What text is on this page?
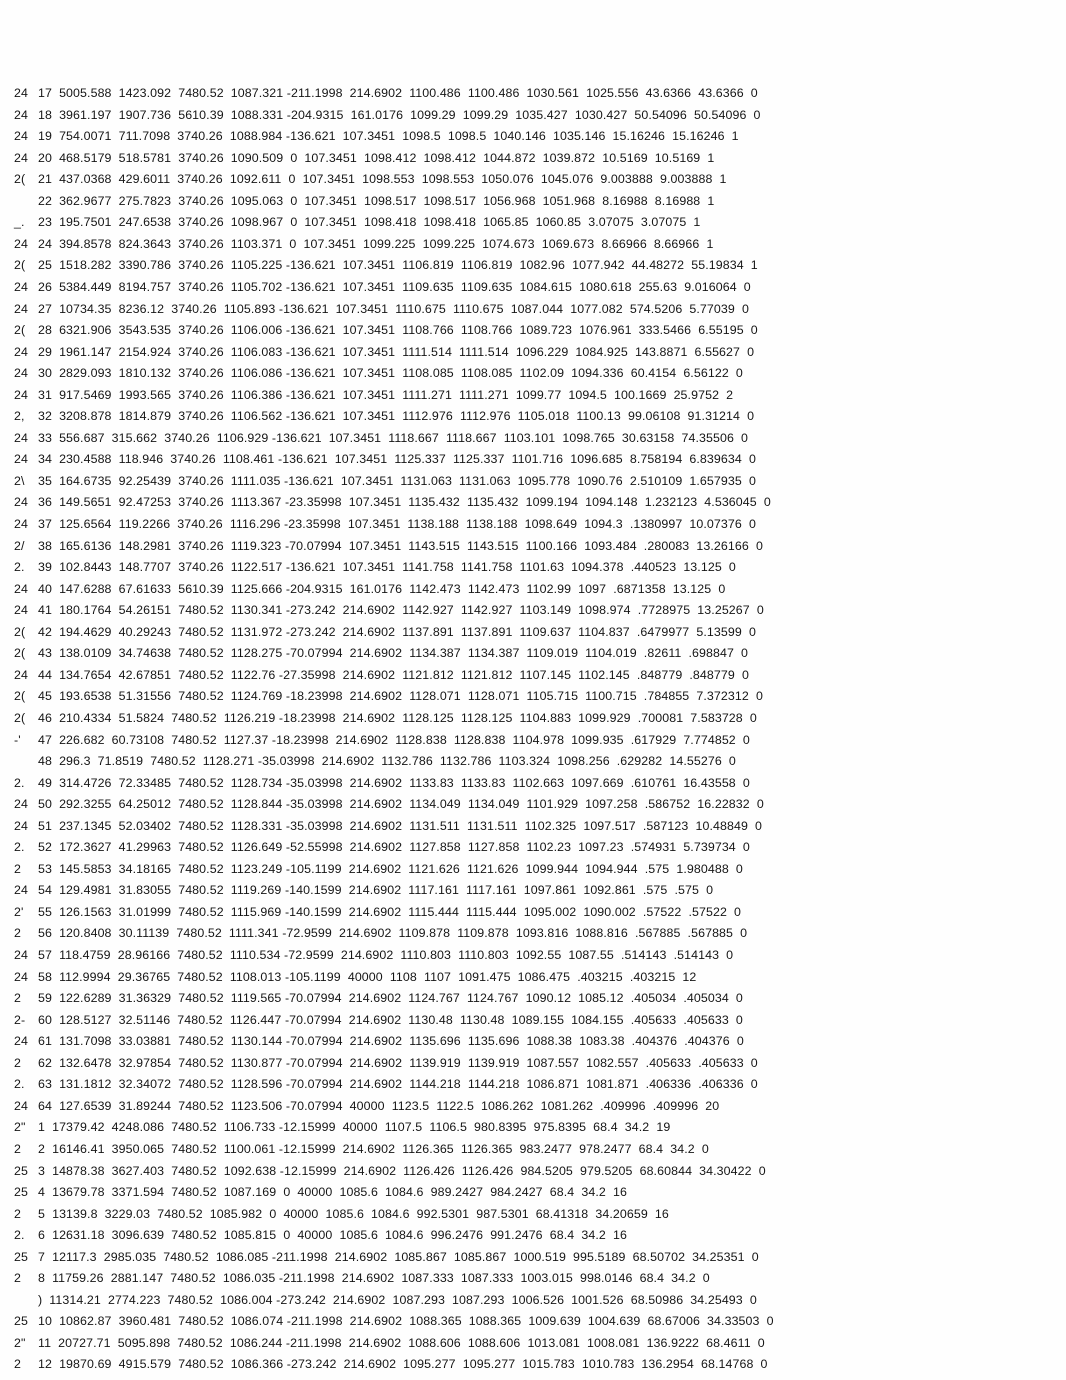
24 17  5005.588  1423.092  7480.52  1087.321 -211.1998  214.6902  1100.486  1100.486  1030.561  1025.556  43.6366  43.6366  0
24 18  3961.197  1907.736  5610.39  1088.331 -204.9315  161.0176  1099.29  1099.29  1035.427  1030.427  50.54096  50.54096  0
24 19  754.0071  711.7098  3740.26  1088.984 -136.621  107.3451  1098.5  1098.5  1040.146  1035.146  15.16246  15.16246  1
24 20  468.5179  518.5781  3740.26  1090.509  0  107.3451  1098.412  1098.412  1044.872  1039.872  10.5169  10.5169  1
2(	21  437.0368  429.6011  3740.26  1092.611  0  107.3451  1098.553  1098.553  1050.076  1045.076  9.003888  9.003888  1
22  362.9677  275.7823  3740.26  1095.063  0  107.3451  1098.517  1098.517  1056.968  1051.968  8.16988  8.16988  1
_.	23  195.7501  247.6538  3740.26  1098.967  0  107.3451  1098.418  1098.418  1065.85  1060.85  3.07075  3.07075  1
24 24  394.8578  824.3643  3740.26  1103.371  0  107.3451  1099.225  1099.225  1074.673  1069.673  8.66966  8.66966  1
2(	25  1518.282  3390.786  3740.26  1105.225 -136.621  107.3451  1106.819  1106.819  1082.96  1077.942  44.48272  55.19834  1
24 26  5384.449  8194.757  3740.26  1105.702 -136.621  107.3451  1109.635  1109.635  1084.615  1080.618  255.63  9.016064  0
24 27  10734.35  8236.12  3740.26  1105.893 -136.621  107.3451  1110.675  1110.675  1087.044  1077.082  574.5206  5.77039  0
2(	28  6321.906  3543.535  3740.26  1106.006 -136.621  107.3451  1108.766  1108.766  1089.723  1076.961  333.5466  6.55195  0
24 29  1961.147  2154.924  3740.26  1106.083 -136.621  107.3451  1111.514  1111.514  1096.229  1084.925  143.8871  6.55627  0
24 30  2829.093  1810.132  3740.26  1106.086 -136.621  107.3451  1108.085  1108.085  1102.09  1094.336  60.4154  6.56122  0
24 31  917.5469  1993.565  3740.26  1106.386 -136.621  107.3451  1111.271  1111.271  1099.77  1094.5  100.1669  25.9752  2
2,	32  3208.878  1814.879  3740.26  1106.562 -136.621  107.3451  1112.976  1112.976  1105.018  1100.13  99.06108  91.31214  0
24 33  556.687  315.662  3740.26  1106.929 -136.621  107.3451  1118.667  1118.667  1103.101  1098.765  30.63158  74.35506  0
24 34  230.4588  118.946  3740.26  1108.461 -136.621  107.3451  1125.337  1125.337  1101.716  1096.685  8.758194  6.839634  0
2\	35  164.6735  92.25439  3740.26  1111.035 -136.621  107.3451  1131.063  1131.063  1095.778  1090.76  2.510109  1.657935  0
24 36  149.5651  92.47253  3740.26  1113.367 -23.35998  107.3451  1135.432  1135.432  1099.194  1094.148  1.232123  4.536045  0
24 37  125.6564  119.2266  3740.26  1116.296 -23.35998  107.3451  1138.188  1138.188  1098.649  1094.3  .1380997  10.07376  0
2/	38  165.6136  148.2981  3740.26  1119.323 -70.07994  107.3451  1143.515  1143.515  1100.166  1093.484  .280083  13.26166  0
2.	39  102.8443  148.7707  3740.26  1122.517 -136.621  107.3451  1141.758  1141.758  1101.63  1094.378  .440523  13.125  0
24 40  147.6288  67.61633  5610.39  1125.666 -204.9315  161.0176  1142.473  1142.473  1102.99  1097  .6871358  13.125  0
24 41  180.1764  54.26151  7480.52  1130.341 -273.242  214.6902  1142.927  1142.927  1103.149  1098.974  .7728975  13.25267  0
2(	42  194.4629  40.29243  7480.52  1131.972 -273.242  214.6902  1137.891  1137.891  1109.637  1104.837  .6479977  5.13599  0
2(	43  138.0109  34.74638  7480.52  1128.275 -70.07994  214.6902  1134.387  1134.387  1109.019  1104.019  .82611  .698847  0
24 44  134.7654  42.67851  7480.52  1122.76 -27.35998  214.6902  1121.812  1121.812  1107.145  1102.145  .848779  .848779  0
2(	45  193.6538  51.31556  7480.52  1124.769 -18.23998  214.6902  1128.071  1128.071  1105.715  1100.715  .784855  7.372312  0
2(	46  210.4334  51.5824  7480.52  1126.219 -18.23998  214.6902  1128.125  1128.125  1104.883  1099.929  .700081  7.583728  0
-'	47  226.682  60.73108  7480.52  1127.37 -18.23998  214.6902  1128.838  1128.838  1104.978  1099.935  .617929  7.774852  0
48  296.3  71.8519  7480.52  1128.271 -35.03998  214.6902  1132.786  1132.786  1103.324  1098.256  .629282  14.55276  0
2.	49  314.4726  72.33485  7480.52  1128.734 -35.03998  214.6902  1133.83  1133.83  1102.663  1097.669  .610761  16.43558  0
24 50  292.3255  64.25012  7480.52  1128.844 -35.03998  214.6902  1134.049  1134.049  1101.929  1097.258  .586752  16.22832  0
24 51  237.1345  52.03402  7480.52  1128.331 -35.03998  214.6902  1131.511  1131.511  1102.325  1097.517  .587123  10.48849  0
2.	52  172.3627  41.29963  7480.52  1126.649 -52.55998  214.6902  1127.858  1127.858  1102.23  1097.23  .574931  5.739734  0
2	53  145.5853  34.18165  7480.52  1123.249 -105.1199  214.6902  1121.626  1121.626  1099.944  1094.944  .575  1.980488  0
24 54  129.4981  31.83055  7480.52  1119.269 -140.1599  214.6902  1117.161  1117.161  1097.861  1092.861  .575  .575  0
2'	55  126.1563  31.01999  7480.52  1115.969 -140.1599  214.6902  1115.444  1115.444  1095.002  1090.002  .57522  .57522  0
2	56  120.8408  30.11139  7480.52  1111.341 -72.9599  214.6902  1109.878  1109.878  1093.816  1088.816  .567885  .567885  0
24 57  118.4759  28.96166  7480.52  1110.534 -72.9599  214.6902  1110.803  1110.803  1092.55  1087.55  .514143  .514143  0
24 58  112.9994  29.36765  7480.52  1108.013 -105.1199  40000  1108  1107  1091.475  1086.475  .403215  .403215  12
2	59  122.6289  31.36329  7480.52  1119.565 -70.07994  214.6902  1124.767  1124.767  1090.12  1085.12  .405034  .405034  0
2-	60  128.5127  32.51146  7480.52  1126.447 -70.07994  214.6902  1130.48  1130.48  1089.155  1084.155  .405633  .405633  0
24 61  131.7098  33.03881  7480.52  1130.144 -70.07994  214.6902  1135.696  1135.696  1088.38  1083.38  .404376  .404376  0
2	62  132.6478  32.97854  7480.52  1130.877 -70.07994  214.6902  1139.919  1139.919  1087.557  1082.557  .405633  .405633  0
2.	63  131.1812  32.34072  7480.52  1128.596 -70.07994  214.6902  1144.218  1144.218  1086.871  1081.871  .406336  .406336  0
24 64  127.6539  31.89244  7480.52  1123.506 -70.07994  40000  1123.5  1122.5  1086.262  1081.262  .409996  .409996  20
2"	1  17379.42  4248.086  7480.52  1106.733 -12.15999  40000  1107.5  1106.5  980.8395  975.8395  68.4  34.2  19
2	2  16146.41  3950.065  7480.52  1100.061 -12.15999  214.6902  1126.365  1126.365  983.2477  978.2477  68.4  34.2  0
25 3  14878.38  3627.403  7480.52  1092.638 -12.15999  214.6902  1126.426  1126.426  984.5205  979.5205  68.60844  34.30422  0
25 4  13679.78  3371.594  7480.52  1087.169  0  40000  1085.6  1084.6  989.2427  984.2427  68.4  34.2  16
2	5  13139.8  3229.03  7480.52  1085.982  0  40000  1085.6  1084.6  992.5301  987.5301  68.41318  34.20659  16
2.	6  12631.18  3096.639  7480.52  1085.815  0  40000  1085.6  1084.6  996.2476  991.2476  68.4  34.2  16
25 7  12117.3  2985.035  7480.52  1086.085 -211.1998  214.6902  1085.867  1085.867  1000.519  995.5189  68.50702  34.25351  0
2	8  11759.26  2881.147  7480.52  1086.035 -211.1998  214.6902  1087.333  1087.333  1003.015  998.0146  68.4  34.2  0
)  11314.21  2774.223  7480.52  1086.004 -273.242  214.6902  1087.293  1087.293  1006.526  1001.526  68.50986  34.25493  0
25 10  10862.87  3960.481  7480.52  1086.074 -211.1998  214.6902  1088.365  1088.365  1009.639  1004.639  68.67006  34.33503  0
2"	11  20727.71  5095.898  7480.52  1086.244 -211.1998  214.6902  1088.606  1088.606  1013.081  1008.081  136.9222  68.4611  0
2	12  19870.69  4915.579  7480.52  1086.366 -273.242  214.6902  1095.277  1095.277  1015.783  1010.783  136.2954  68.14768  0
